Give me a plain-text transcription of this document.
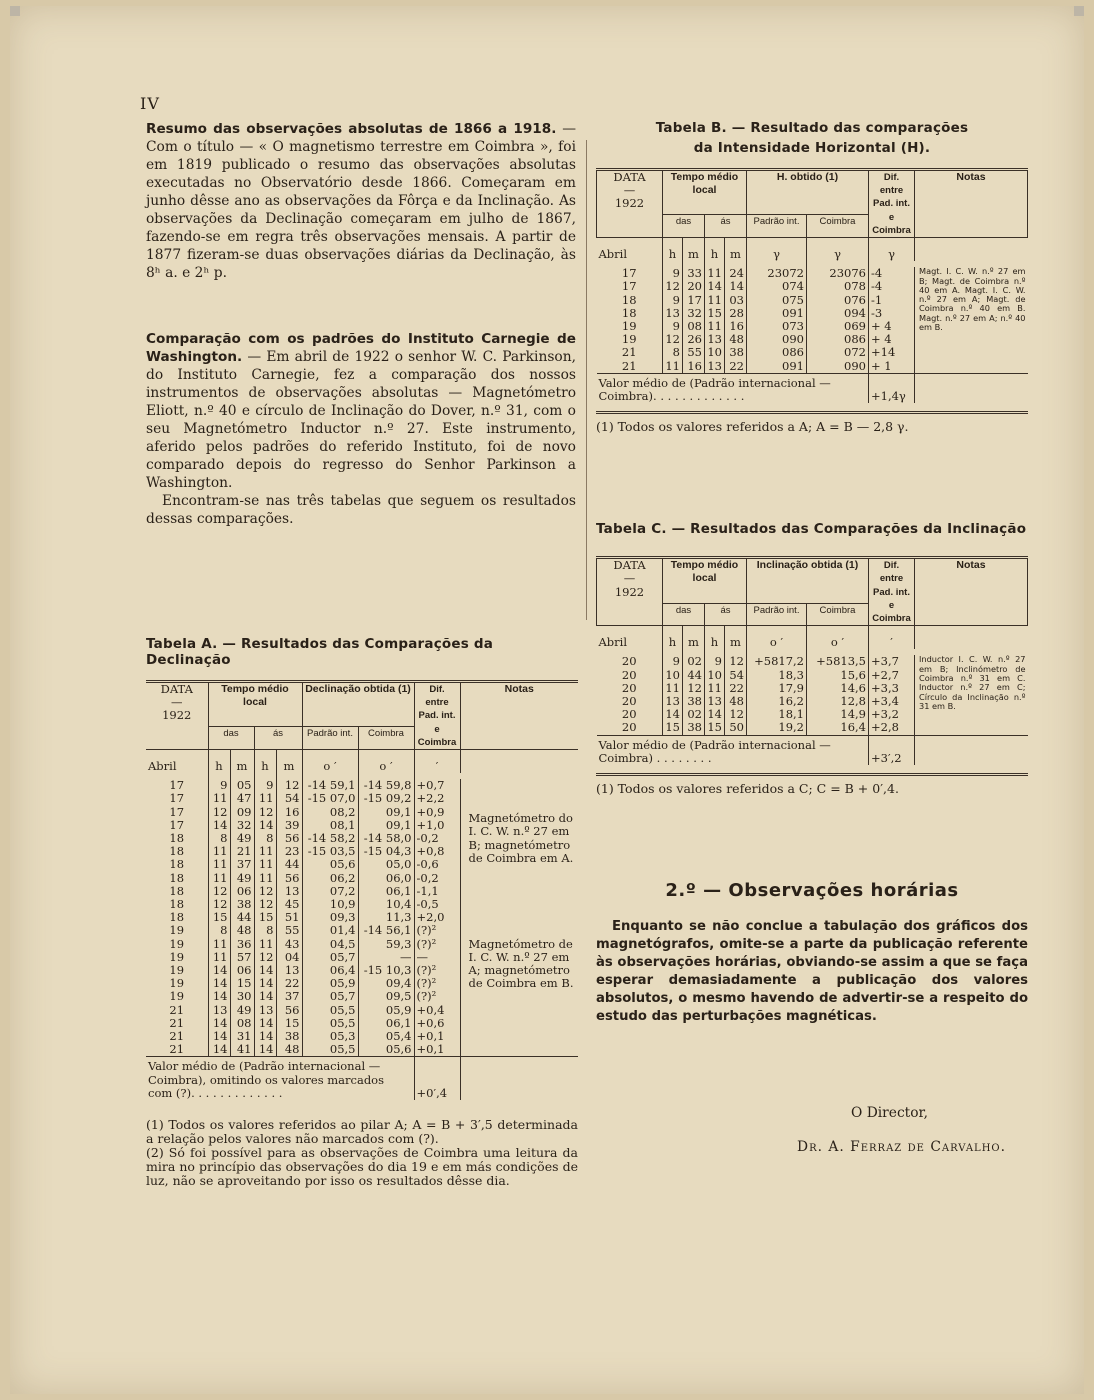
IV

Resumo das observações absolutas de 1866 a 1918. — Com o título — « O magnetismo terrestre em Coimbra », foi em 1819 publicado o resumo das observações absolutas executadas no Observatório desde 1866. Começaram em junho dêsse ano as observações da Fôrça e da Inclinação. As observações da Declinação começaram em julho de 1867, fazendo-se em regra três observações mensais. A partir de 1877 fizeram-se duas observações diárias da Declinação, às 8ʰ a. e 2ʰ p.

Comparação com os padrões do Instituto Carnegie de Washington. — Em abril de 1922 o senhor W. C. Parkinson, do Instituto Carnegie, fez a comparação dos nossos instrumentos de observações absolutas — Magnetómetro Eliott, n.º 40 e círculo de Inclinação do Dover, n.º 31, com o seu Magnetómetro Inductor n.º 27. Este instrumento, aferido pelos padrões do referido Instituto, foi de novo comparado depois do regresso do Senhor Parkinson a Washington.

Encontram-se nas três tabelas que seguem os resultados dessas comparações.

Tabela A. — Resultados das Comparações da Declinação
DATA
—
1922	Tempo médio local				Declinação obtida (1)		Dif. entre Pad. int. e Coimbra	Notas
	das		ás		Padrão int.	Coimbra		

Abril	h	m	h	m	o ′	o ′	′	

17	9	05	9	12	-14 59,1	-14 59,8	+0,7	
17	11	47	11	54	-15 07,0	-15 09,2	+2,2	Magnetómetro do I. C. W. n.º 27 em B; magnetómetro de Coimbra em A.
17	12	09	12	16	08,2	09,1	+0,9	
17	14	32	14	39	08,1	09,1	+1,0	
18	8	49	8	56	-14 58,2	-14 58,0	-0,2	
18	11	21	11	23	-15 03,5	-15 04,3	+0,8	
18	11	37	11	44	05,6	05,0	-0,6	
18	11	49	11	56	06,2	06,0	-0,2	
18	12	06	12	13	07,2	06,1	-1,1	
18	12	38	12	45	10,9	10,4	-0,5	
18	15	44	15	51	09,3	11,3	+2,0	
19	8	48	8	55	01,4	-14 56,1	(?)²	Magnetómetro de I. C. W. n.º 27 em A; magnetómetro de Coimbra em B.
19	11	36	11	43	04,5	59,3	(?)²	
19	11	57	12	04	05,7	—	—	
19	14	06	14	13	06,4	-15 10,3	(?)²	
19	14	15	14	22	05,9	09,4	(?)²	
19	14	30	14	37	05,7	09,5	(?)²	
21	13	49	13	56	05,5	05,9	+0,4	
21	14	08	14	15	05,5	06,1	+0,6	
21	14	31	14	38	05,3	05,4	+0,1	
21	14	41	14	48	05,5	05,6	+0,1	
Valor médio de (Padrão internacional — Coimbra), omitindo os valores marcados com (?). . . . . . . . . . . . .							+0′,4	

(1) Todos os valores referidos ao pilar A; A = B + 3′,5 determinada a relação pelos valores não marcados com (?).

(2) Só foi possível para as observações de Coimbra uma leitura da mira no princípio das observações do dia 19 e em más condições de luz, não se aproveitando por isso os resultados dêsse dia.

Tabela B. — Resultado das comparações
da Intensidade Horizontal (H).
DATA
—
1922	Tempo médio local				H. obtido (1)		Dif. entre Pad. int. e Coimbra	Notas
	das		ás		Padrão int.	Coimbra		

Abril	h	m	h	m	γ	γ	γ	

17	9	33	11	24	23072	23076	-4	Magt. I. C. W. n.º 27 em B; Magt. de Coimbra n.º 40 em A. Magt. I. C. W. n.º 27 em A; Magt. de Coimbra n.º 40 em B. Magt. n.º 27 em A; n.º 40 em B.
17	12	20	14	14	074	078	-4	
18	9	17	11	03	075	076	-1	
18	13	32	15	28	091	094	-3	
19	9	08	11	16	073	069	+ 4	
19	12	26	13	48	090	086	+ 4	
21	8	55	10	38	086	072	+14	
21	11	16	13	22	091	090	+ 1	
Valor médio de (Padrão internacional — Coimbra). . . . . . . . . . . . .							+1,4γ	
(1) Todos os valores referidos a A; A = B — 2,8 γ.
Tabela C. — Resultados das Comparações da Inclinação
DATA
—
1922	Tempo médio local				Inclinação obtida (1)		Dif. entre Pad. int. e Coimbra	Notas
	das		ás		Padrão int.	Coimbra		

Abril	h	m	h	m	o ′	o ′	′	

20	9	02	9	12	+5817,2	+5813,5	+3,7	Inductor I. C. W. n.º 27 em B; Inclinómetro de Coimbra n.º 31 em C. Inductor n.º 27 em C; Círculo da Inclinação n.º 31 em B.
20	10	44	10	54	18,3	15,6	+2,7	
20	11	12	11	22	17,9	14,6	+3,3	
20	13	38	13	48	16,2	12,8	+3,4	
20	14	02	14	12	18,1	14,9	+3,2	
20	15	38	15	50	19,2	16,4	+2,8	
Valor médio de (Padrão internacional — Coimbra) . . . . . . . .							+3′,2	
(1) Todos os valores referidos a C; C = B + 0′,4.
2.º — Observações horárias

Enquanto se não conclue a tabulação dos gráficos dos magnetógrafos, omite-se a parte da publicação referente às observações horárias, obviando-se assim a que se faça esperar demasiadamente a publicação dos valores absolutos, o mesmo havendo de advertir-se a respeito do estudo das perturbações magnéticas.

O Director,
Dr. A. Ferraz de Carvalho.
